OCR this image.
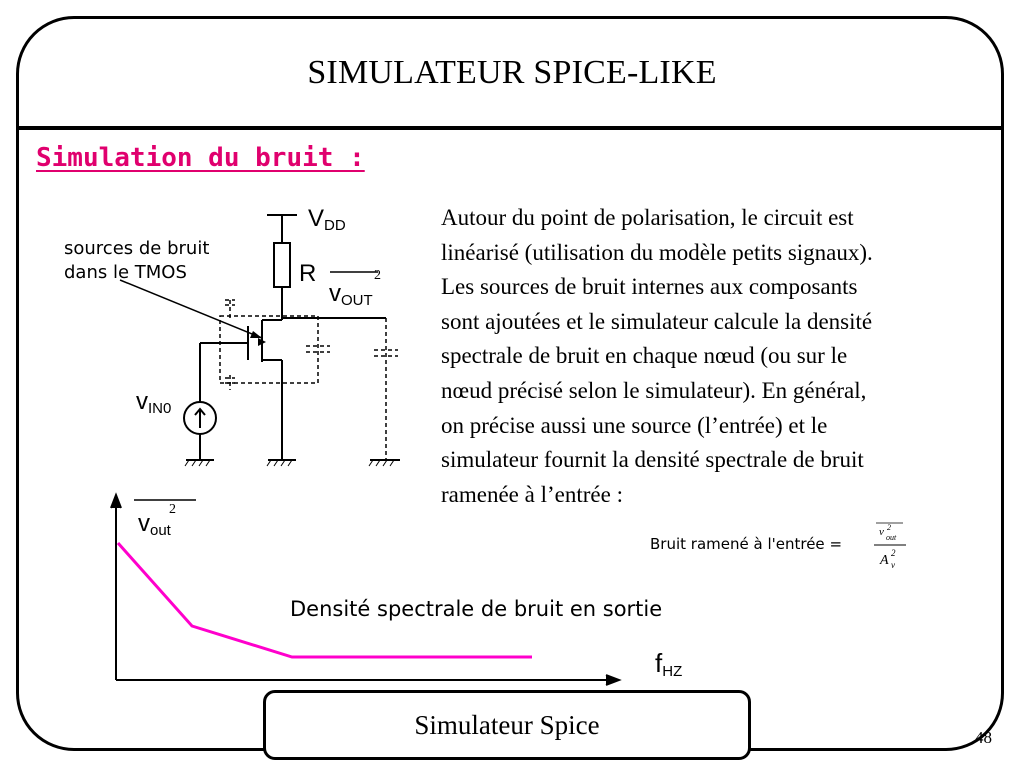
SIMULATEUR SPICE-LIKE
Simulation du bruit :
Autour du point de polarisation, le circuit est
linéarisé (utilisation du modèle petits signaux).
Les sources de bruit internes aux composants
sont ajoutées et le simulateur calcule la densité
spectrale de bruit en chaque nœud (ou sur le
nœud précisé selon le simulateur). En général,
on précise aussi une source (l’entrée) et le
simulateur fournit la densité spectrale de bruit
ramenée à l’entrée :
v 2
out
A 2
v
sources de bruit
dans le TMOS
$V_{DD}$
R
$v_{OUT}$
2
$v_{IN0}$
$v_{out}$
2
$f_{HZ}$
Densité spectrale de bruit en sortie
Bruit ramené à l'entrée =
Simulateur Spice	48
